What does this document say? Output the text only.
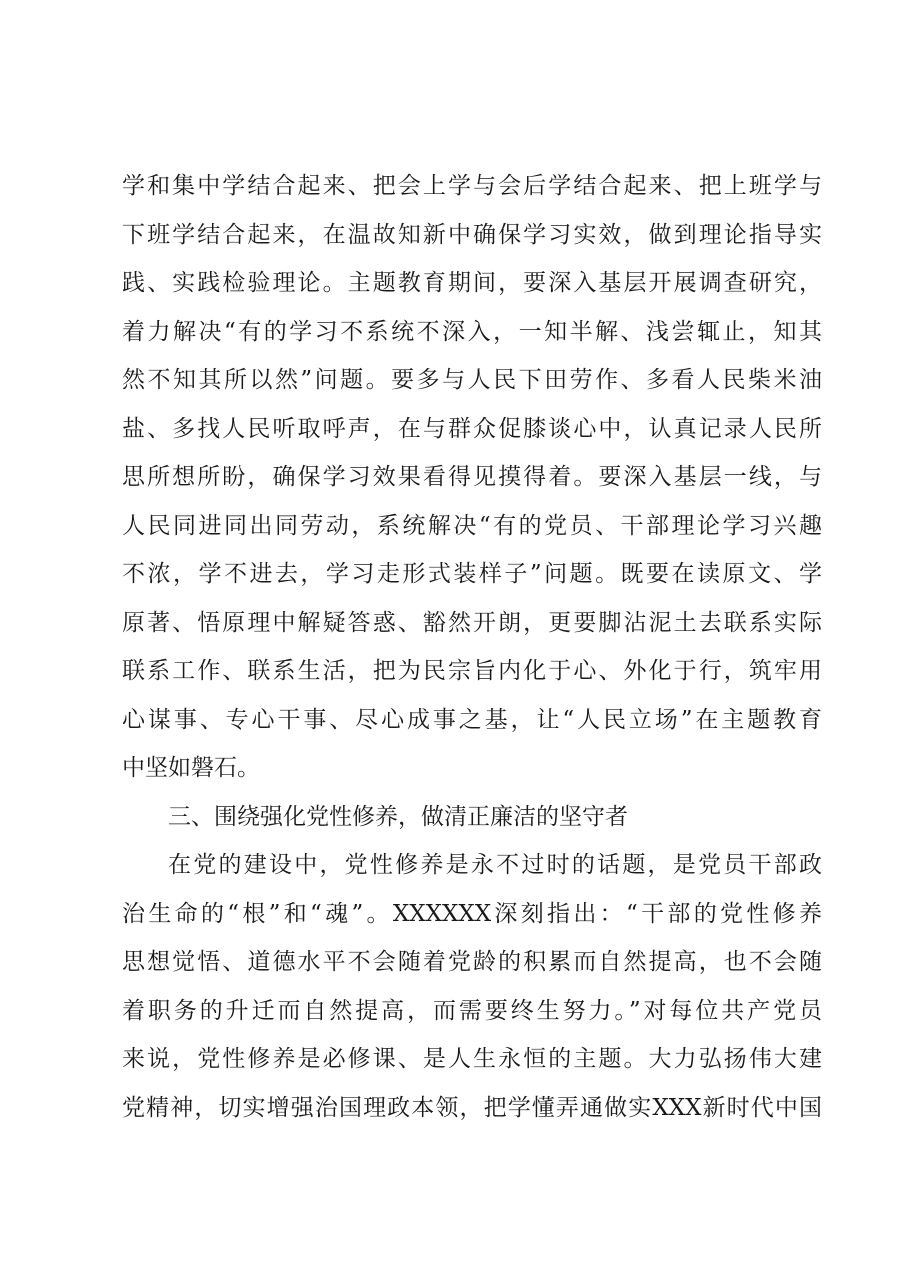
学和集中学结合起来、把会上学与会后学结合起来、把上班学与
下班学结合起来，在温故知新中确保学习实效，做到理论指导实
践、实践检验理论。主题教育期间，要深入基层开展调查研究，
着力解决“有的学习不系统不深入，一知半解、浅尝辄止，知其
然不知其所以然”问题。要多与人民下田劳作、多看人民柴米油
盐、多找人民听取呼声，在与群众促膝谈心中，认真记录人民所
思所想所盼，确保学习效果看得见摸得着。要深入基层一线，与
人民同进同出同劳动，系统解决“有的党员、干部理论学习兴趣
不浓，学不进去，学习走形式装样子”问题。既要在读原文、学
原著、悟原理中解疑答惑、豁然开朗，更要脚沾泥土去联系实际
联系工作、联系生活，把为民宗旨内化于心、外化于行，筑牢用
心谋事、专心干事、尽心成事之基，让“人民立场”在主题教育
中坚如磐石。
三、围绕强化党性修养，做清正廉洁的坚守者
在党的建设中，党性修养是永不过时的话题，是党员干部政
治生命的“根”和“魂”。XXXXXX深刻指出：“干部的党性修养
思想觉悟、道德水平不会随着党龄的积累而自然提高，也不会随
着职务的升迁而自然提高，而需要终生努力。”对每位共产党员
来说，党性修养是必修课、是人生永恒的主题。大力弘扬伟大建
党精神，切实增强治国理政本领，把学懂弄通做实XXX新时代中国
